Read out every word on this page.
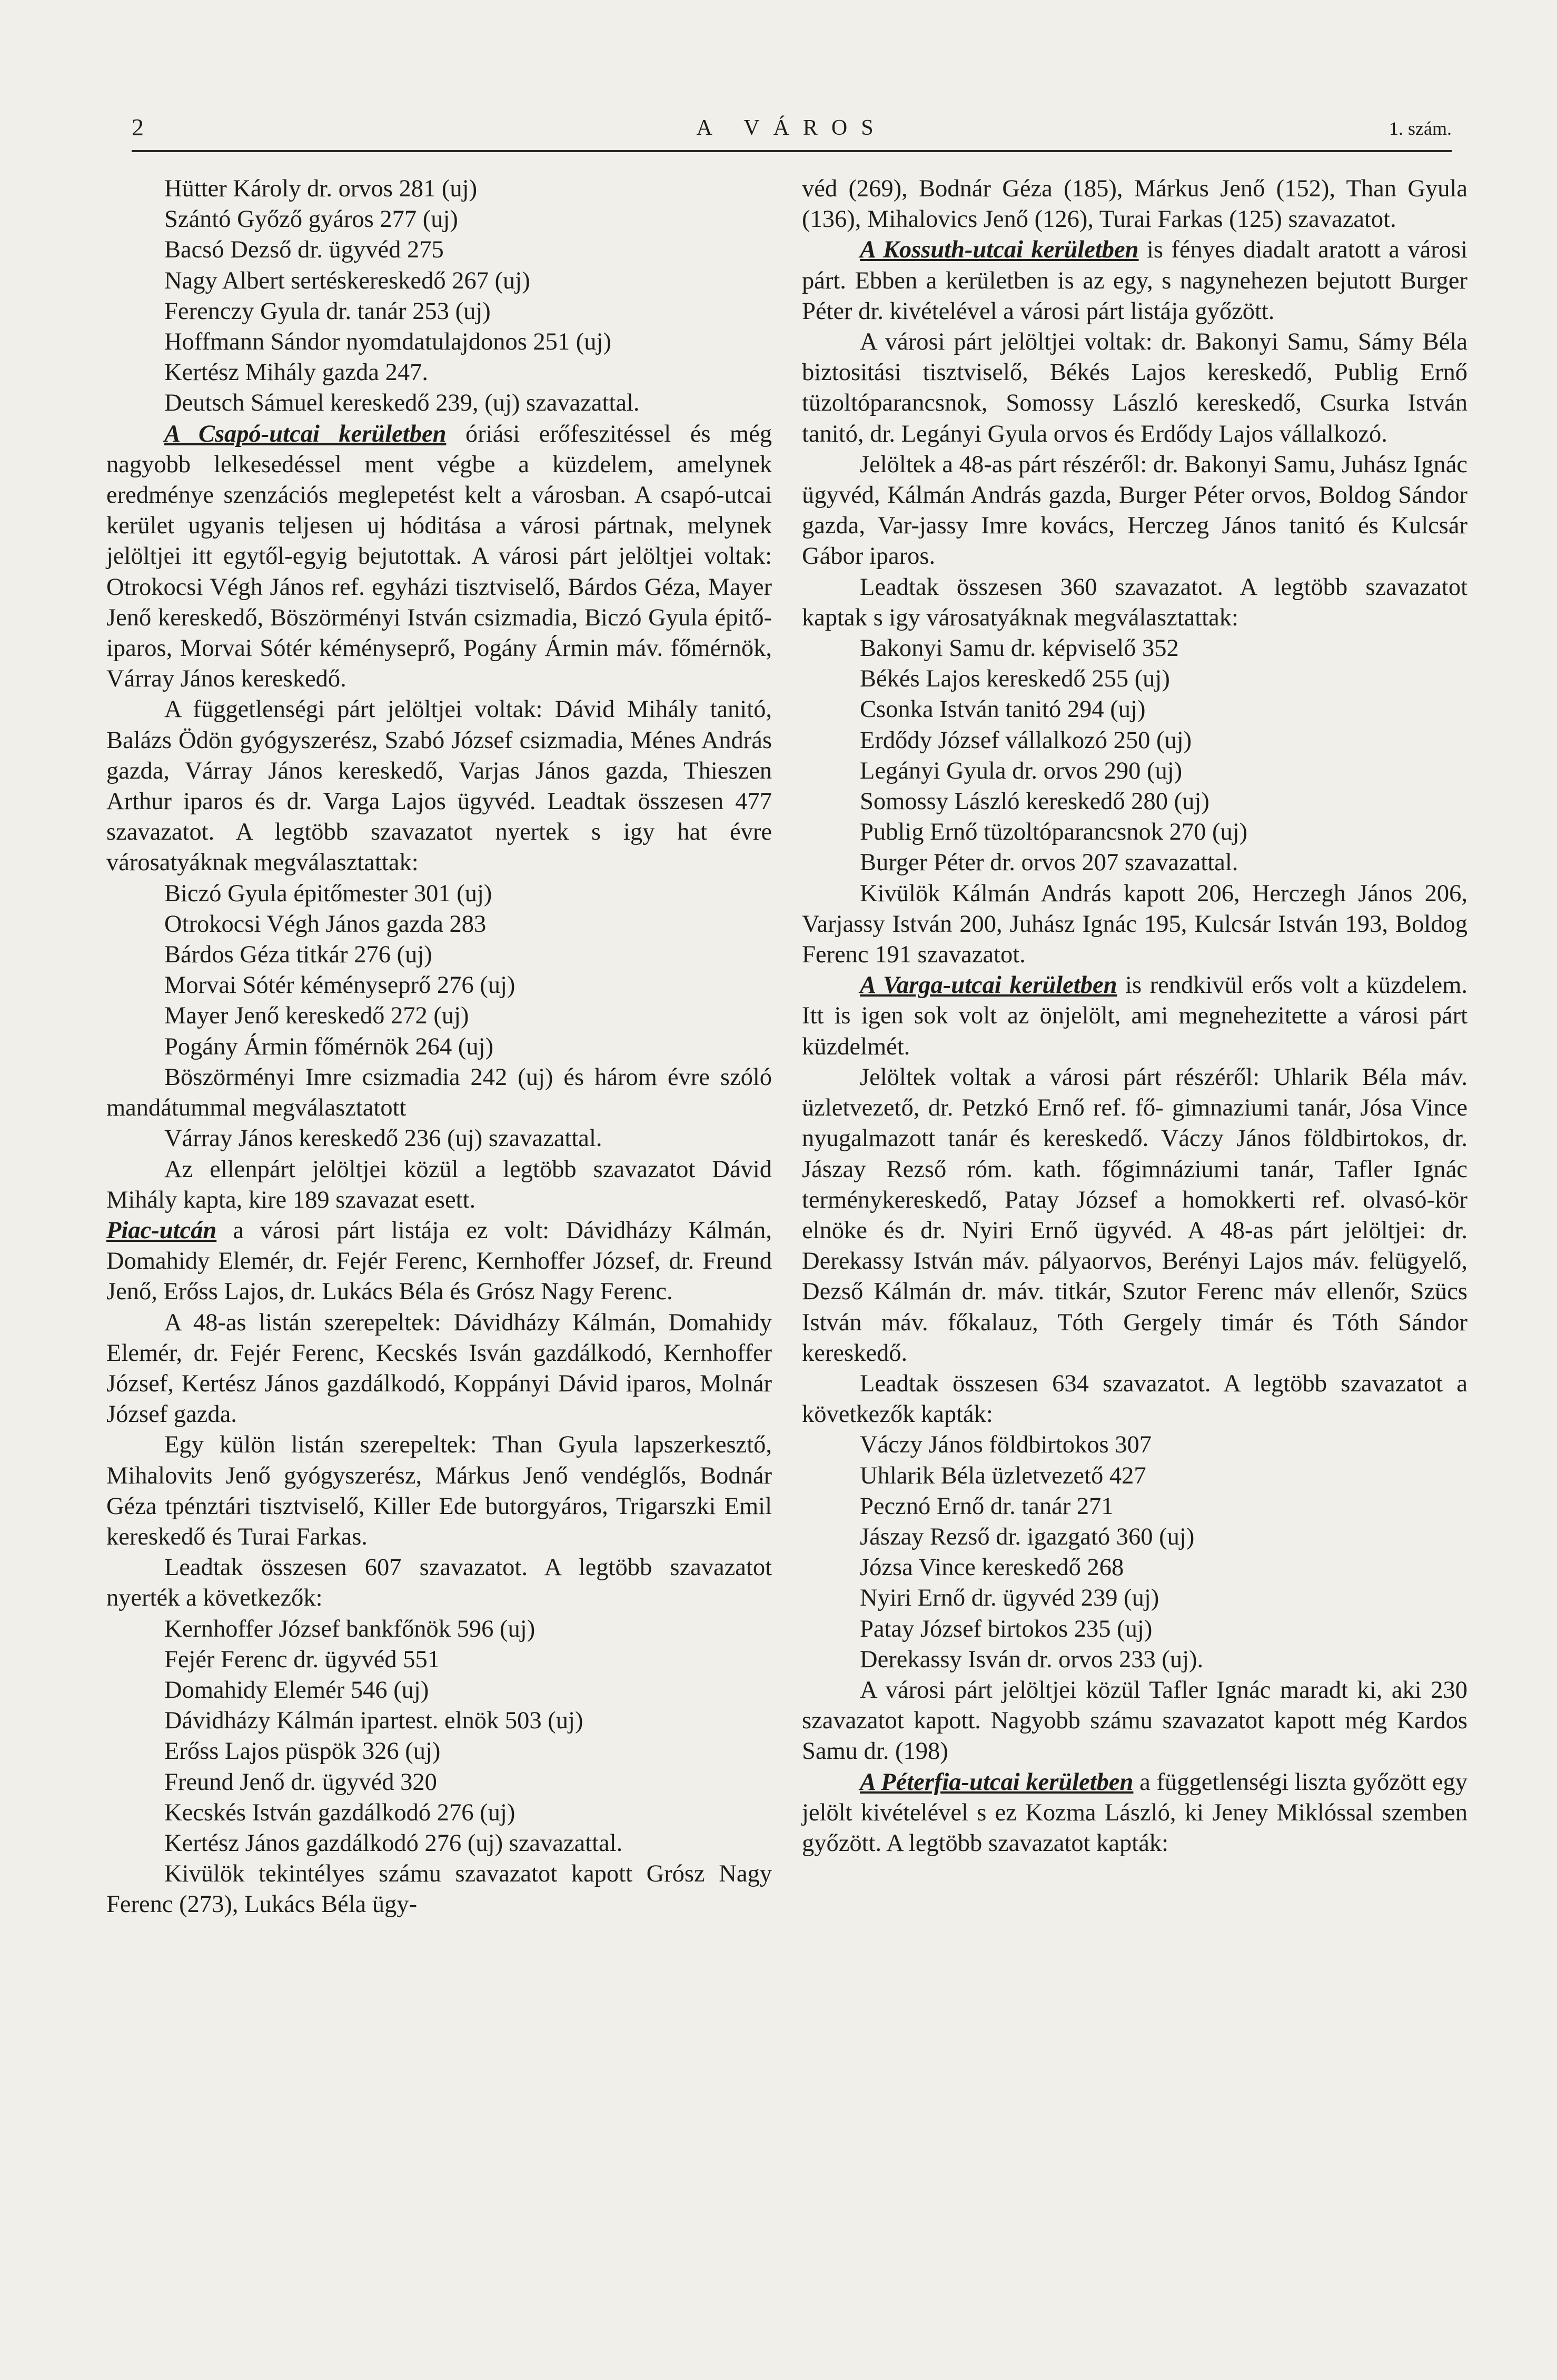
2	A VÁROS	1. szám.
Hütter Károly dr. orvos 281 (uj)
Szántó Győző gyáros 277 (uj)
Bacsó Dezső dr. ügyvéd 275
Nagy Albert sertéskereskedő 267 (uj)
Ferenczy Gyula dr. tanár 253 (uj)
Hoffmann Sándor nyomdatulajdonos 251 (uj)
Kertész Mihály gazda 247.
Deutsch Sámuel kereskedő 239, (uj) szavazattal.

A Csapó-utcai kerületben óriási erőfeszitéssel és még nagyobb lelkesedéssel ment végbe a küzdelem, amelynek eredménye szenzációs meglepetést kelt a városban. A csapó-utcai kerület ugyanis teljesen uj hóditása a városi pártnak, melynek jelöltjei itt egytől-egyig bejutottak. A városi párt jelöltjei voltak: Otrokocsi Végh János ref. egyházi tisztviselő, Bárdos Géza, Mayer Jenő kereskedő, Böszörményi István csizmadia, Biczó Gyula épitő-iparos, Morvai Sótér kéményseprő, Pogány Ármin máv. főmérnök, Várray János kereskedő.

A függetlenségi párt jelöltjei voltak: Dávid Mihály tanitó, Balázs Ödön gyógyszerész, Szabó József csizmadia, Ménes András gazda, Várray János kereskedő, Varjas János gazda, Thieszen Arthur iparos és dr. Varga Lajos ügyvéd. Leadtak összesen 477 szavazatot. A legtöbb szavazatot nyertek s igy hat évre városatyáknak megválasztattak:

Biczó Gyula épitőmester 301 (uj)
Otrokocsi Végh János gazda 283
Bárdos Géza titkár 276 (uj)
Morvai Sótér kéményseprő 276 (uj)
Mayer Jenő kereskedő 272 (uj)
Pogány Ármin főmérnök 264 (uj)

Böszörményi Imre csizmadia 242 (uj) és három évre szóló mandátummal megválasztatott

Várray János kereskedő 236 (uj) szavazattal.

Az ellenpárt jelöltjei közül a legtöbb szavazatot Dávid Mihály kapta, kire 189 szavazat esett.

Piac-utcán a városi párt listája ez volt: Dávidházy Kálmán, Domahidy Elemér, dr. Fejér Ferenc, Kernhoffer József, dr. Freund Jenő, Erőss Lajos, dr. Lukács Béla és Grósz Nagy Ferenc.

A 48-as listán szerepeltek: Dávidházy Kálmán, Domahidy Elemér, dr. Fejér Ferenc, Kecskés Isván gazdálkodó, Kernhoffer József, Kertész János gazdálkodó, Koppányi Dávid iparos, Molnár József gazda.

Egy külön listán szerepeltek: Than Gyula lapszerkesztő, Mihalovits Jenő gyógyszerész, Márkus Jenő vendéglős, Bodnár Géza tpénztári tisztviselő, Killer Ede butorgyáros, Trigarszki Emil kereskedő és Turai Farkas.

Leadtak összesen 607 szavazatot. A legtöbb szavazatot nyerték a következők:

Kernhoffer József bankfőnök 596 (uj)
Fejér Ferenc dr. ügyvéd 551
Domahidy Elemér 546 (uj)
Dávidházy Kálmán ipartest. elnök 503 (uj)
Erőss Lajos püspök 326 (uj)
Freund Jenő dr. ügyvéd 320
Kecskés István gazdálkodó 276 (uj)
Kertész János gazdálkodó 276 (uj) szavazattal.

Kivülök tekintélyes számu szavazatot kapott Grósz Nagy Ferenc (273), Lukács Béla ügy-

véd (269), Bodnár Géza (185), Márkus Jenő (152), Than Gyula (136), Mihalovics Jenő (126), Turai Farkas (125) szavazatot.

A Kossuth-utcai kerületben is fényes diadalt aratott a városi párt. Ebben a kerületben is az egy, s nagynehezen bejutott Burger Péter dr. kivételével a városi párt listája győzött.

A városi párt jelöltjei voltak: dr. Bakonyi Samu, Sámy Béla biztositási tisztviselő, Békés Lajos kereskedő, Publig Ernő tüzoltóparancsnok, Somossy László kereskedő, Csurka István tanitó, dr. Legányi Gyula orvos és Erdődy Lajos vállalkozó.

Jelöltek a 48-as párt részéről: dr. Bakonyi Samu, Juhász Ignác ügyvéd, Kálmán András gazda, Burger Péter orvos, Boldog Sándor gazda, Var-jassy Imre kovács, Herczeg János tanitó és Kulcsár Gábor iparos.

Leadtak összesen 360 szavazatot. A legtöbb szavazatot kaptak s igy városatyáknak megválasztattak:

Bakonyi Samu dr. képviselő 352
Békés Lajos kereskedő 255 (uj)
Csonka István tanitó 294 (uj)
Erdődy József vállalkozó 250 (uj)
Legányi Gyula dr. orvos 290 (uj)
Somossy László kereskedő 280 (uj)
Publig Ernő tüzoltóparancsnok 270 (uj)
Burger Péter dr. orvos 207 szavazattal.

Kivülök Kálmán András kapott 206, Herczegh János 206, Varjassy István 200, Juhász Ignác 195, Kulcsár István 193, Boldog Ferenc 191 szavazatot.

A Varga-utcai kerületben is rendkivül erős volt a küzdelem. Itt is igen sok volt az önjelölt, ami megnehezitette a városi párt küzdelmét.

Jelöltek voltak a városi párt részéről: Uhlarik Béla máv. üzletvezető, dr. Petzkó Ernő ref. fő- gimnaziumi tanár, Jósa Vince nyugalmazott tanár és kereskedő. Váczy János földbirtokos, dr. Jászay Rezső róm. kath. főgimnáziumi tanár, Tafler Ignác terménykereskedő, Patay József a homokkerti ref. olvasó-kör elnöke és dr. Nyiri Ernő ügyvéd. A 48-as párt jelöltjei: dr. Derekassy István máv. pályaorvos, Berényi Lajos máv. felügyelő, Dezső Kálmán dr. máv. titkár, Szutor Ferenc máv ellenőr, Szücs István máv. főkalauz, Tóth Gergely timár és Tóth Sándor kereskedő.

Leadtak összesen 634 szavazatot. A legtöbb szavazatot a következők kapták:

Váczy János földbirtokos 307
Uhlarik Béla üzletvezető 427
Pecznó Ernő dr. tanár 271
Jászay Rezső dr. igazgató 360 (uj)
Józsa Vince kereskedő 268
Nyiri Ernő dr. ügyvéd 239 (uj)
Patay József birtokos 235 (uj)
Derekassy Isván dr. orvos 233 (uj).

A városi párt jelöltjei közül Tafler Ignác maradt ki, aki 230 szavazatot kapott. Nagyobb számu szavazatot kapott még Kardos Samu dr. (198)

A Péterfia-utcai kerületben a függetlenségi liszta győzött egy jelölt kivételével s ez Kozma László, ki Jeney Miklóssal szemben győzött. A legtöbb szavazatot kapták:
